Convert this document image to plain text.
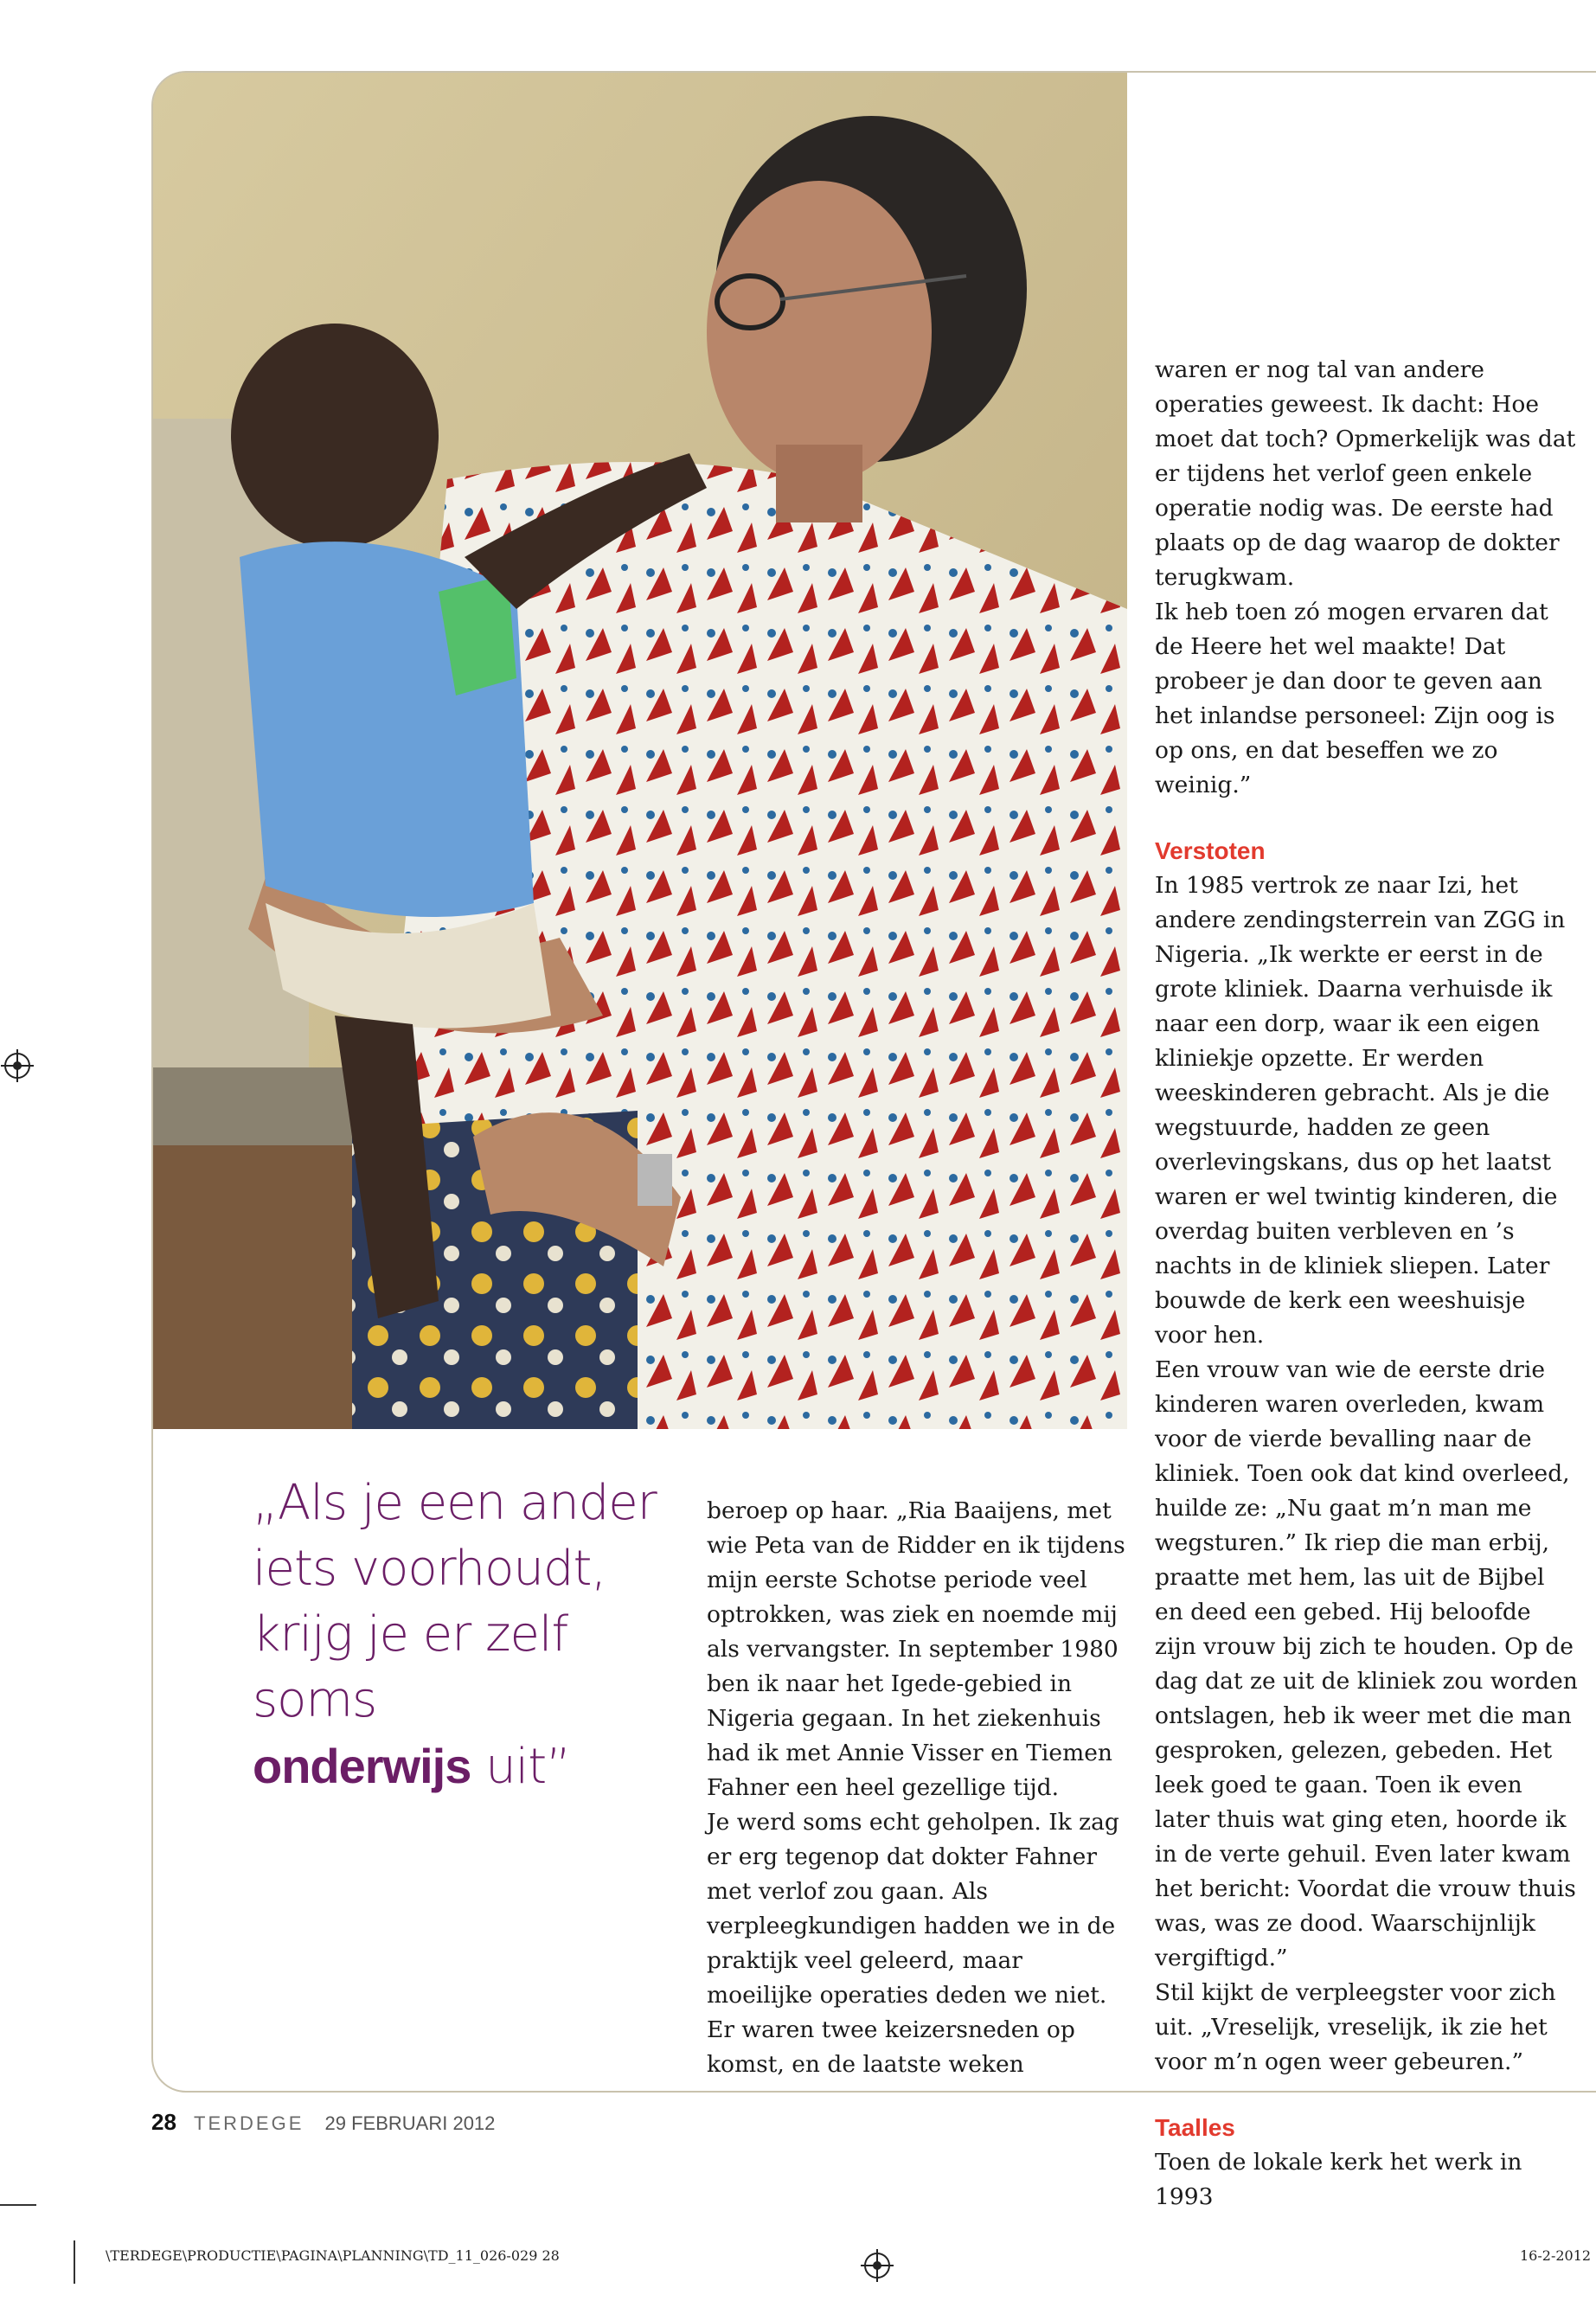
„Als je een ander
iets voorhoudt,
krijg je er zelf soms
onderwijs uit”

beroep op haar. „Ria Baaijens, met wie Peta van de Ridder en ik tijdens mijn eerste Schotse periode veel optrokken, was ziek en noemde mij als vervangster. In september 1980 ben ik naar het Igede-gebied in Nigeria gegaan. In het ziekenhuis had ik met Annie Visser en Tiemen Fahner een heel gezellige tijd.

Je werd soms echt geholpen. Ik zag er erg tegenop dat dokter Fahner met verlof zou gaan. Als verpleegkundigen hadden we in de praktijk veel geleerd, maar moeilijke operaties deden we niet. Er waren twee keizersneden op komst, en de laatste weken

waren er nog tal van andere operaties geweest. Ik dacht: Hoe moet dat toch? Opmerkelijk was dat er tijdens het verlof geen enkele operatie nodig was. De eerste had plaats op de dag waarop de dokter terugkwam.

Ik heb toen zó mogen ervaren dat de Heere het wel maakte! Dat probeer je dan door te geven aan het inlandse personeel: Zijn oog is op ons, en dat beseffen we zo weinig.”

Verstoten

In 1985 vertrok ze naar Izi, het andere zendingsterrein van ZGG in Nigeria. „Ik werkte er eerst in de grote kliniek. Daarna verhuisde ik naar een dorp, waar ik een eigen kliniekje opzette. Er werden weeskinderen gebracht. Als je die wegstuurde, hadden ze geen overlevingskans, dus op het laatst waren er wel twintig kinderen, die overdag buiten verbleven en ’s nachts in de kliniek sliepen. Later bouwde de kerk een weeshuisje voor hen.

Een vrouw van wie de eerste drie kinderen waren overleden, kwam voor de vierde bevalling naar de kliniek. Toen ook dat kind overleed, huilde ze: „Nu gaat m’n man me wegsturen.” Ik riep die man erbij, praatte met hem, las uit de Bijbel en deed een gebed. Hij beloofde zijn vrouw bij zich te houden. Op de dag dat ze uit de kliniek zou worden ontslagen, heb ik weer met die man gesproken, gelezen, gebeden. Het leek goed te gaan. Toen ik even later thuis wat ging eten, hoorde ik in de verte gehuil. Even later kwam het bericht: Voordat die vrouw thuis was, was ze dood. Waarschijnlijk vergiftigd.”

Stil kijkt de verpleegster voor zich uit. „Vreselijk, vreselijk, ik zie het voor m’n ogen weer gebeuren.”

Taalles

Toen de lokale kerk het werk in 1993

28 TERDEGE 29 FEBRUARI 2012
\TERDEGE\PRODUCTIE\PAGINA\PLANNING\TD_11_026-029 28	16-2-2012
